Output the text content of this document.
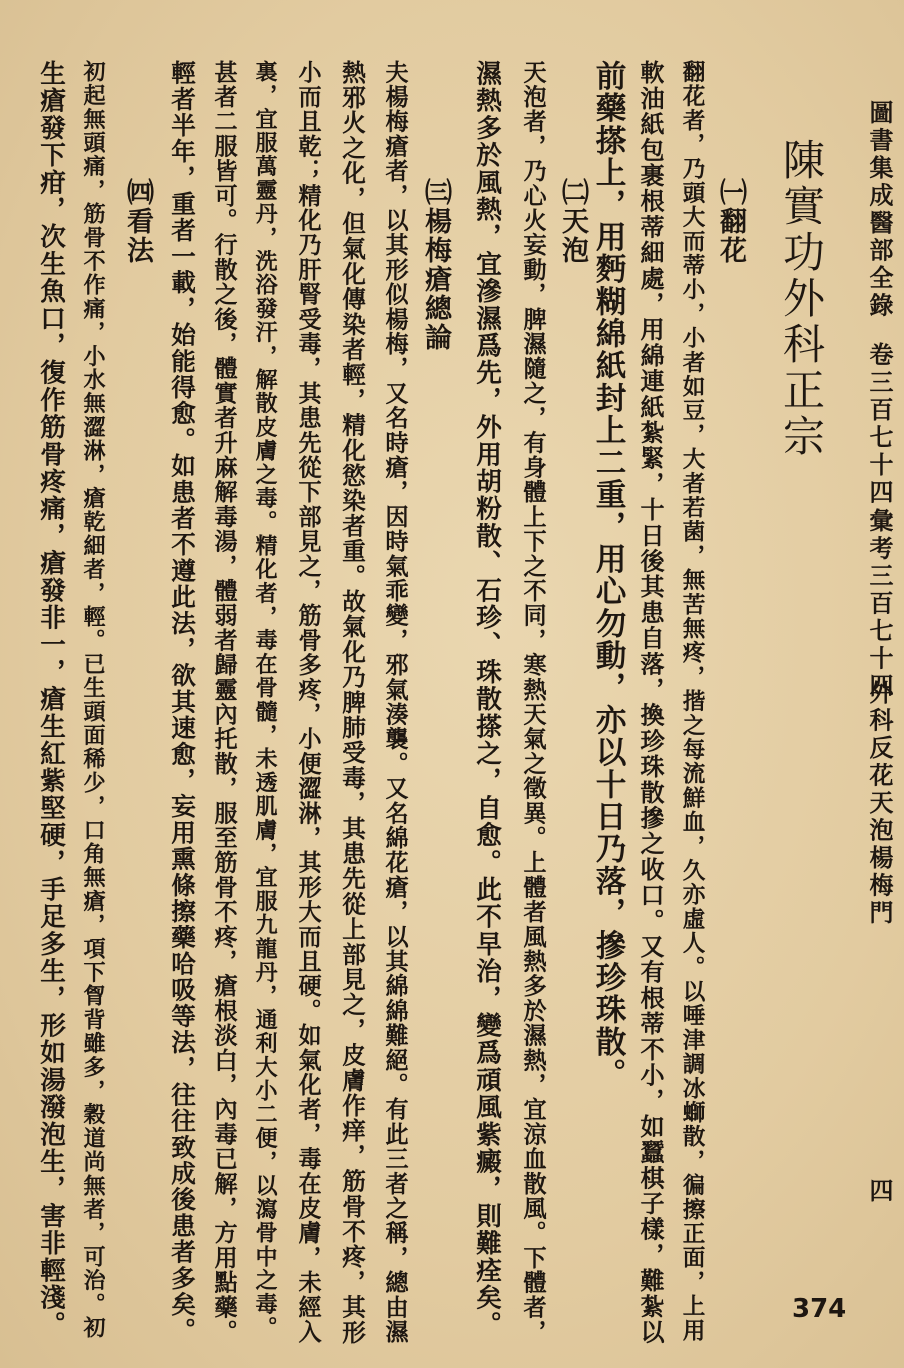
圖書集成醫部全錄
卷三百七十四
彙考三百七十四
外科反花天泡楊梅門
四
陳實功外科正宗
㈠翻花
翻花者，乃頭大而蒂小，小者如豆，大者若菌，無苦無疼，揩之每流鮮血，久亦虛人。以唾津調冰螄散，徧擦正面，上用
軟油紙包裹根蒂細處，用綿連紙紮緊，十日後其患自落，換珍珠散摻之收口。又有根蒂不小，如蠶棋子樣，難紮以
前藥搽上，用麪糊綿紙封上二重，用心勿動，亦以十日乃落，摻珍珠散。
㈡天泡
天泡者，乃心火妄動，脾濕隨之，有身體上下之不同，寒熱天氣之徵異。上體者風熱多於濕熱，宜涼血散風。下體者，
濕熱多於風熱，宜滲濕爲先，外用胡粉散、石珍、珠散搽之，自愈。此不早治，變爲頑風紫癜，則難痊矣。
㈢楊梅瘡總論
夫楊梅瘡者，以其形似楊梅，又名時瘡，因時氣乖變，邪氣湊襲。又名綿花瘡，以其綿綿難絕。有此三者之稱，總由濕
熱邪火之化，但氣化傳染者輕，精化慾染者重。故氣化乃脾肺受毒，其患先從上部見之，皮膚作痒，筋骨不疼，其形
小而且乾；精化乃肝腎受毒，其患先從下部見之，筋骨多疼，小便澀淋，其形大而且硬。如氣化者，毒在皮膚，未經入
裏，宜服萬靈丹，洗浴發汗，解散皮膚之毒。精化者，毒在骨髓，未透肌膚，宜服九龍丹，通利大小二便，以瀉骨中之毒。
甚者二服皆可。行散之後，體實者升麻解毒湯，體弱者歸靈內托散，服至筋骨不疼，瘡根淡白，內毒已解，方用點藥。
輕者半年，重者一載，始能得愈。如患者不遵此法，欲其速愈，妄用熏條擦藥哈吸等法，往往致成後患者多矣。
㈣看法
初起無頭痛，筋骨不作痛，小水無澀淋，瘡乾細者，輕。已生頭面稀少，口角無瘡，項下胷背雖多，穀道尚無者，可治。初
生瘡發下疳，次生魚口，復作筋骨疼痛，瘡發非一，瘡生紅紫堅硬，手足多生，形如湯潑泡生，害非輕淺。	374
